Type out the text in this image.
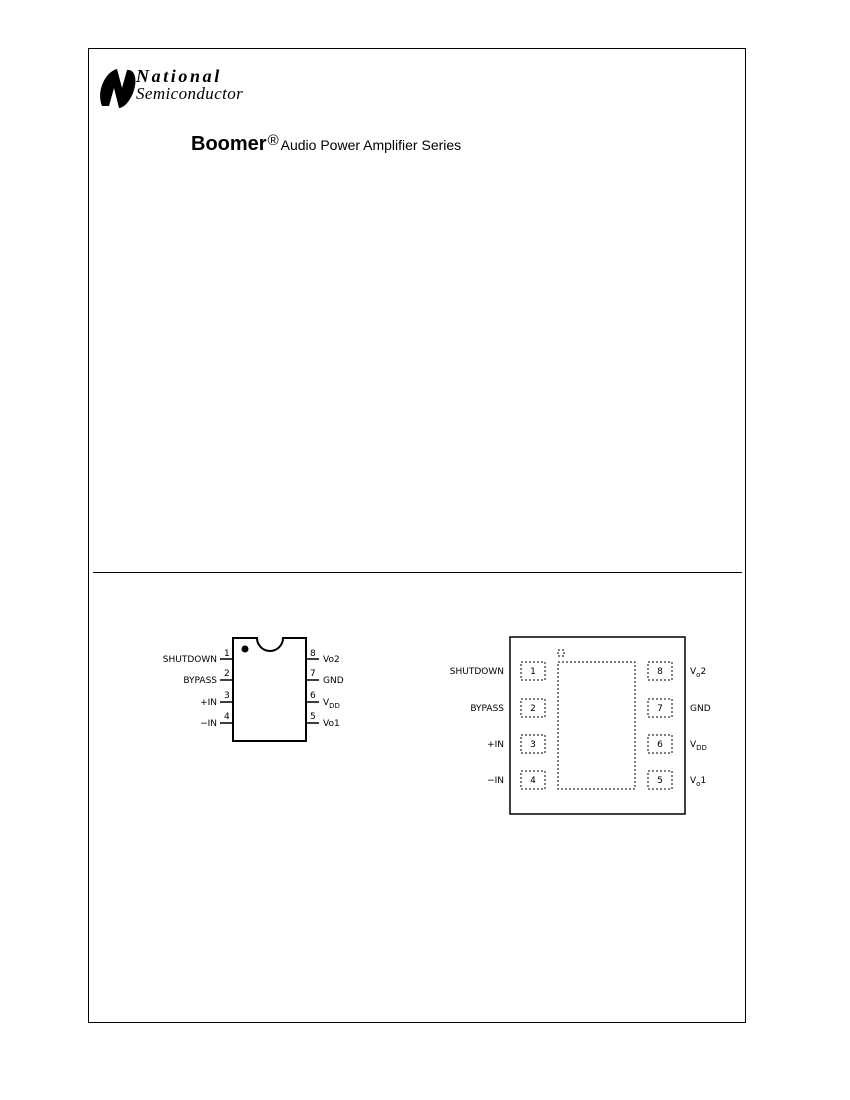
National
Semiconductor
Boomer® Audio Power Amplifier Series
1
SHUTDOWN
2
BYPASS
3
+IN
4
−IN
8
Vo2
7
GND
6
$V_{DD}$
5
Vo1
1
SHUTDOWN
2
BYPASS
3
+IN
4
−IN
8	$V_o2$
7	GND
6	$V_{DD}$
5	$V_o1$
